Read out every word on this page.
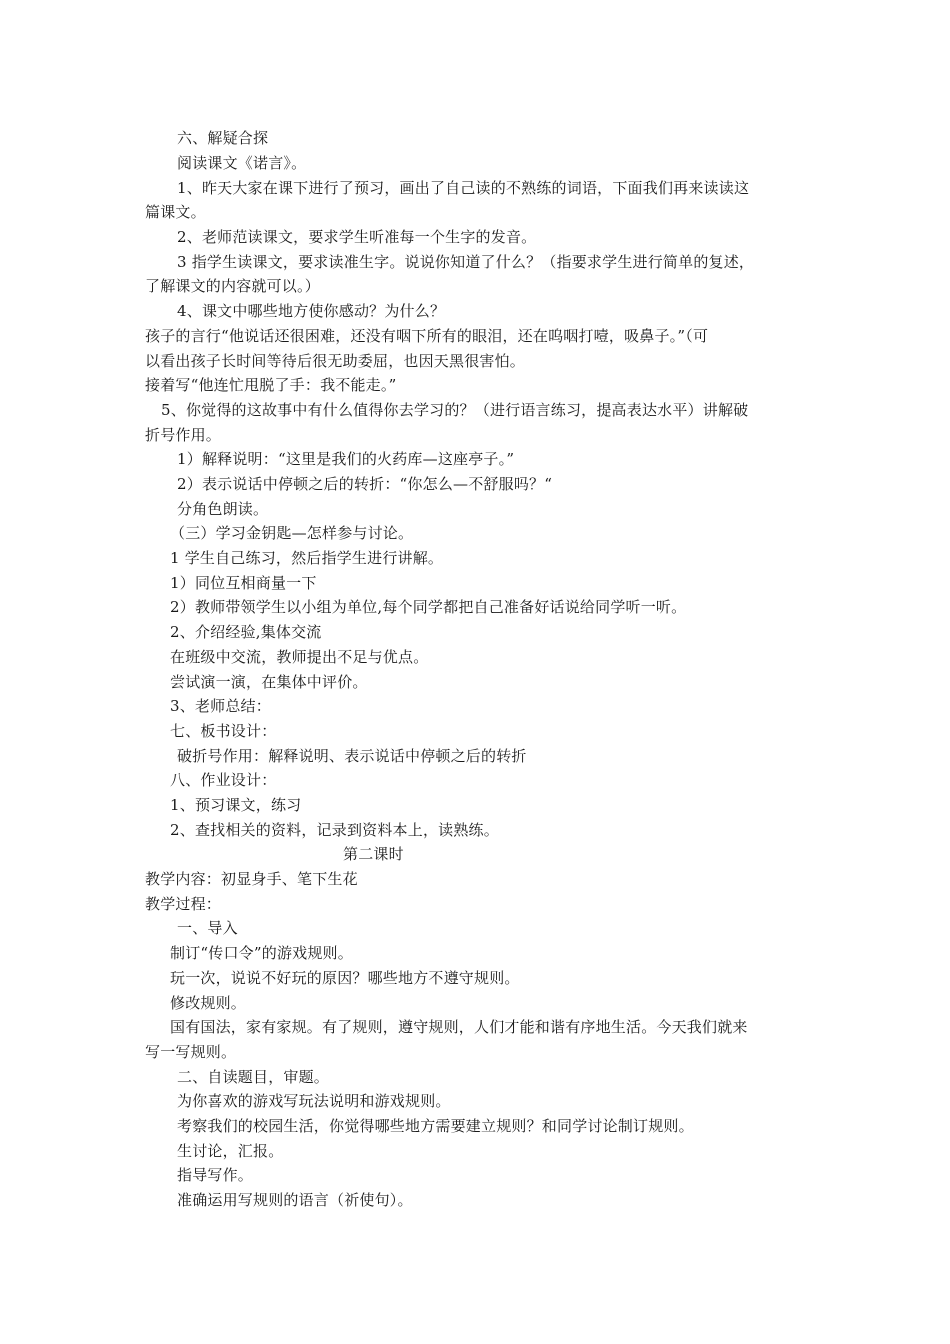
六、解疑合探
阅读课文《诺言》。
1、昨天大家在课下进行了预习，画出了自己读的不熟练的词语，下面我们再来读读这
篇课文。
2、老师范读课文，要求学生听准每一个生字的发音。
3 指学生读课文，要求读准生字。说说你知道了什么？（指要求学生进行简单的复述，
了解课文的内容就可以。）
4、课文中哪些地方使你感动？为什么？
孩子的言行“他说话还很困难，还没有咽下所有的眼泪，还在呜咽打噎，吸鼻子。”（可
以看出孩子长时间等待后很无助委屈，也因天黑很害怕。
接着写“他连忙甩脱了手：我不能走。”
5、你觉得的这故事中有什么值得你去学习的？（进行语言练习，提高表达水平）讲解破
折号作用。
1）解释说明：“这里是我们的火药库—这座亭子。”
2）表示说话中停顿之后的转折：“你怎么—不舒服吗？“
分角色朗读。
（三）学习金钥匙—怎样参与讨论。
1 学生自己练习，然后指学生进行讲解。
1）同位互相商量一下
2）教师带领学生以小组为单位,每个同学都把自己准备好话说给同学听一听。
2、介绍经验,集体交流
在班级中交流，教师提出不足与优点。
尝试演一演，在集体中评价。
3、老师总结：
七、板书设计：
破折号作用：解释说明、表示说话中停顿之后的转折
八、作业设计：
1、预习课文，练习
2、查找相关的资料，记录到资料本上，读熟练。
第二课时
教学内容：初显身手、笔下生花
教学过程：
一、导入
制订“传口令”的游戏规则。
玩一次，说说不好玩的原因？哪些地方不遵守规则。
修改规则。
国有国法，家有家规。有了规则，遵守规则，人们才能和谐有序地生活。今天我们就来
写一写规则。
二、自读题目，审题。
为你喜欢的游戏写玩法说明和游戏规则。
考察我们的校园生活，你觉得哪些地方需要建立规则？和同学讨论制订规则。
生讨论，汇报。
指导写作。
准确运用写规则的语言（祈使句）。
